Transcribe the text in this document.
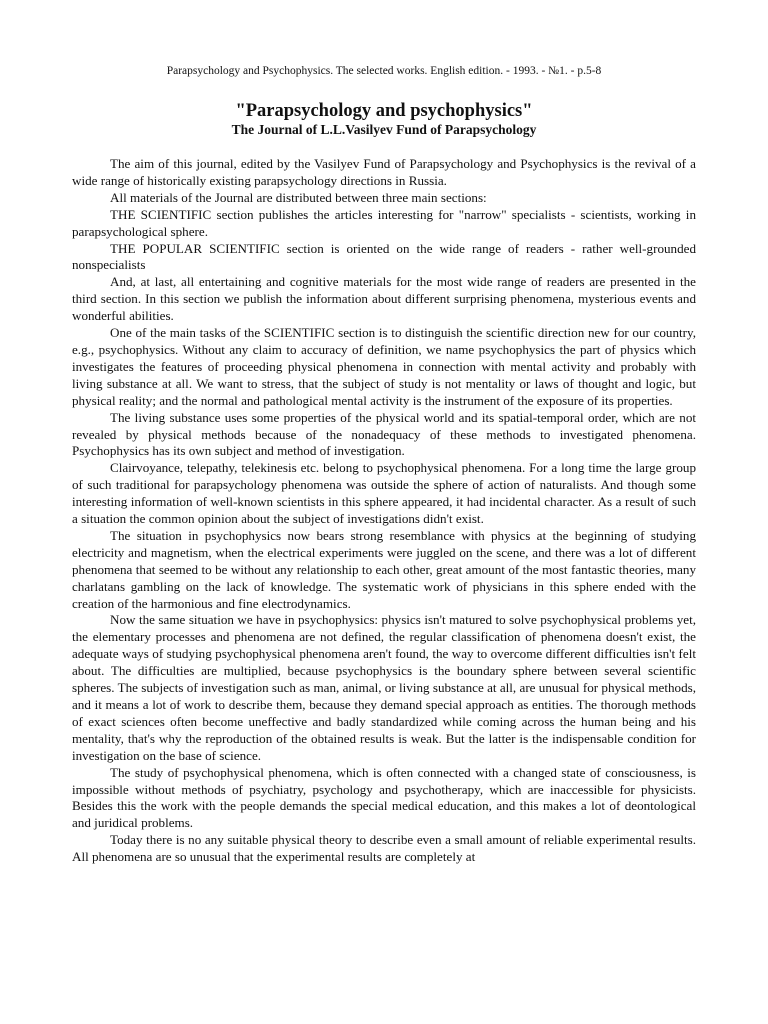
Parapsychology and Psychophysics. The selected works. English edition. - 1993. - №1. - p.5-8
"Parapsychology and psychophysics"
The Journal of L.L.Vasilyev Fund of Parapsychology

The aim of this journal, edited by the Vasilyev Fund of Parapsychology and Psychophysics is the revival of a wide range of historically existing parapsychology directions in Russia.

All materials of the Journal are distributed between three main sections:

THE SCIENTIFIC section publishes the articles interesting for "narrow" specialists - scientists, working in parapsychological sphere.

THE POPULAR SCIENTIFIC section is oriented on the wide range of readers - rather well-grounded nonspecialists

And, at last, all entertaining and cognitive materials for the most wide range of readers are presented in the third section. In this section we publish the information about different surprising phenomena, mysterious events and wonderful abilities.

One of the main tasks of the SCIENTIFIC section is to distinguish the scientific direction new for our country, e.g., psychophysics. Without any claim to accuracy of definition, we name psychophysics the part of physics which investigates the features of proceeding physical phenomena in connection with mental activity and probably with living substance at all. We want to stress, that the subject of study is not mentality or laws of thought and logic, but physical reality; and the normal and pathological mental activity is the instrument of the exposure of its properties.

The living substance uses some properties of the physical world and its spatial-temporal order, which are not revealed by physical methods because of the nonadequacy of these methods to investigated phenomena. Psychophysics has its own subject and method of investigation.

Clairvoyance, telepathy, telekinesis etc. belong to psychophysical phenomena. For a long time the large group of such traditional for parapsychology phenomena was outside the sphere of action of naturalists. And though some interesting information of well-known scientists in this sphere appeared, it had incidental character. As a result of such a situation the common opinion about the subject of investigations didn't exist.

The situation in psychophysics now bears strong resemblance with physics at the beginning of studying electricity and magnetism, when the electrical experiments were juggled on the scene, and there was a lot of different phenomena that seemed to be without any relationship to each other, great amount of the most fantastic theories, many charlatans gambling on the lack of knowledge. The systematic work of physicians in this sphere ended with the creation of the harmonious and fine electrodynamics.

Now the same situation we have in psychophysics: physics isn't matured to solve psychophysical problems yet, the elementary processes and phenomena are not defined, the regular classification of phenomena doesn't exist, the adequate ways of studying psychophysical phenomena aren't found, the way to overcome different difficulties isn't felt about. The difficulties are multiplied, because psychophysics is the boundary sphere between several scientific spheres. The subjects of investigation such as man, animal, or living substance at all, are unusual for physical methods, and it means a lot of work to describe them, because they demand special approach as entities. The thorough methods of exact sciences often become uneffective and badly standardized while coming across the human being and his mentality, that's why the reproduction of the obtained results is weak. But the latter is the indispensable condition for investigation on the base of science.

The study of psychophysical phenomena, which is often connected with a changed state of consciousness, is impossible without methods of psychiatry, psychology and psychotherapy, which are inaccessible for physicists. Besides this the work with the people demands the special medical education, and this makes a lot of deontological and juridical problems.

Today there is no any suitable physical theory to describe even a small amount of reliable experimental results. All phenomena are so unusual that the experimental results are completely at
